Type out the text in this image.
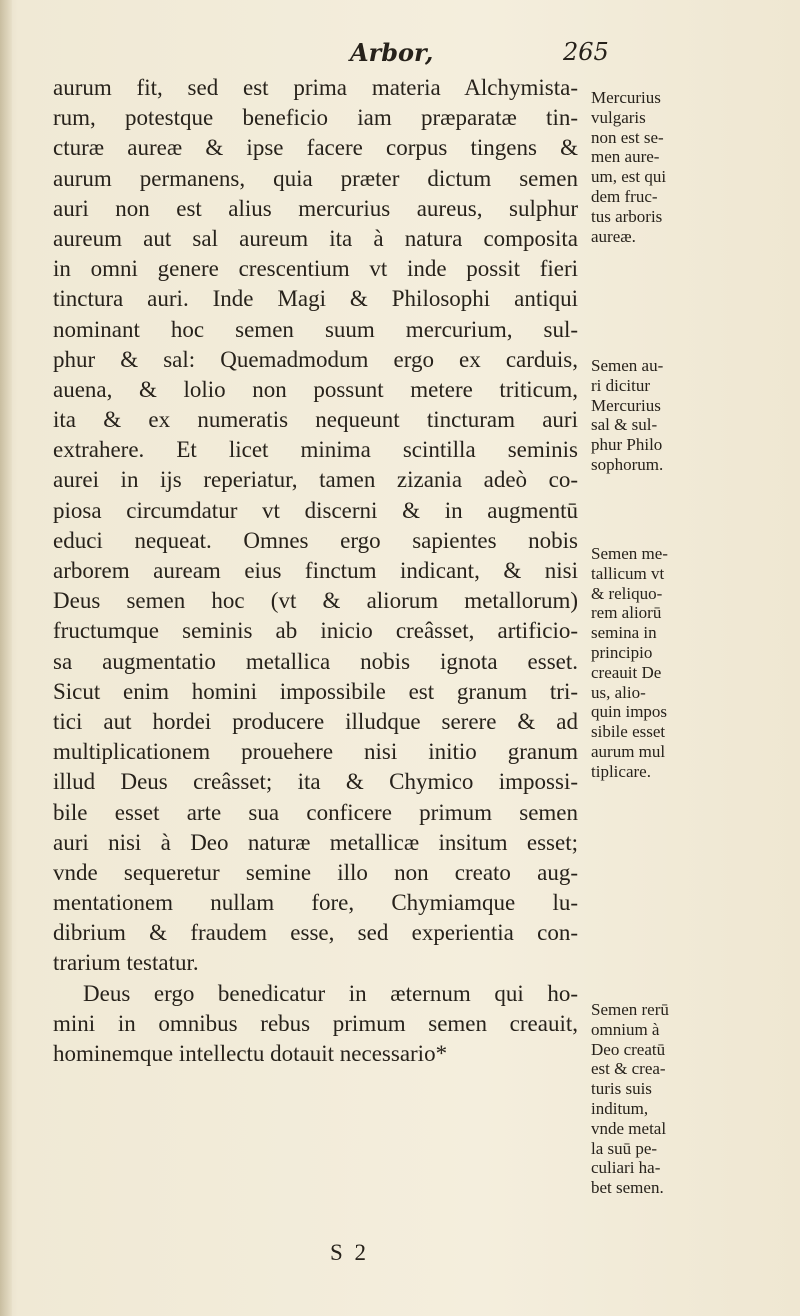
Arbor,	265
aurum fit, sed est prima materia Alchymista-
rum, potestque beneficio iam præparatæ tin-
cturæ aureæ & ipse facere corpus tingens &
aurum permanens, quia præter dictum semen
auri non est alius mercurius aureus, sulphur
aureum aut sal aureum ita à natura composita
in omni genere crescentium vt inde possit fieri
tinctura auri. Inde Magi & Philosophi antiqui
nominant hoc semen suum mercurium, sul-
phur & sal: Quemadmodum ergo ex carduis,
auena, & lolio non possunt metere triticum,
ita & ex numeratis nequeunt tincturam auri
extrahere. Et licet minima scintilla seminis
aurei in ijs reperiatur, tamen zizania adeò co-
piosa circumdatur vt discerni & in augmentū
educi nequeat. Omnes ergo sapientes nobis
arborem auream eius finctum indicant, & nisi
Deus semen hoc (vt & aliorum metallorum)
fructumque seminis ab inicio creâsset, artificio-
sa augmentatio metallica nobis ignota esset.
Sicut enim homini impossibile est granum tri-
tici aut hordei producere illudque serere & ad
multiplicationem prouehere nisi initio granum
illud Deus creâsset; ita & Chymico impossi-
bile esset arte sua conficere primum semen
auri nisi à Deo naturæ metallicæ insitum esset;
vnde sequeretur semine illo non creato aug-
mentationem nullam fore, Chymiamque lu-
dibrium & fraudem esse, sed experientia con-
trarium testatur.
Deus ergo benedicatur in æternum qui ho-
mini in omnibus rebus primum semen creauit,
hominemque intellectu dotauit necessario*
Mercurius
vulgaris
non est se-
men aure-
um, est qui
dem fruc-
tus arboris
aureæ.
Semen au-
ri dicitur
Mercurius
sal & sul-
phur Philo
sophorum.
Semen me-
tallicum vt
& reliquo-
rem aliorū
semina in
principio
creauit De
us, alio-
quin impos
sibile esset
aurum mul
tiplicare.
Semen rerū
omnium à
Deo creatū
est & crea-
turis suis
inditum,
vnde metal
la suū pe-
culiari ha-
bet semen.
S 2
